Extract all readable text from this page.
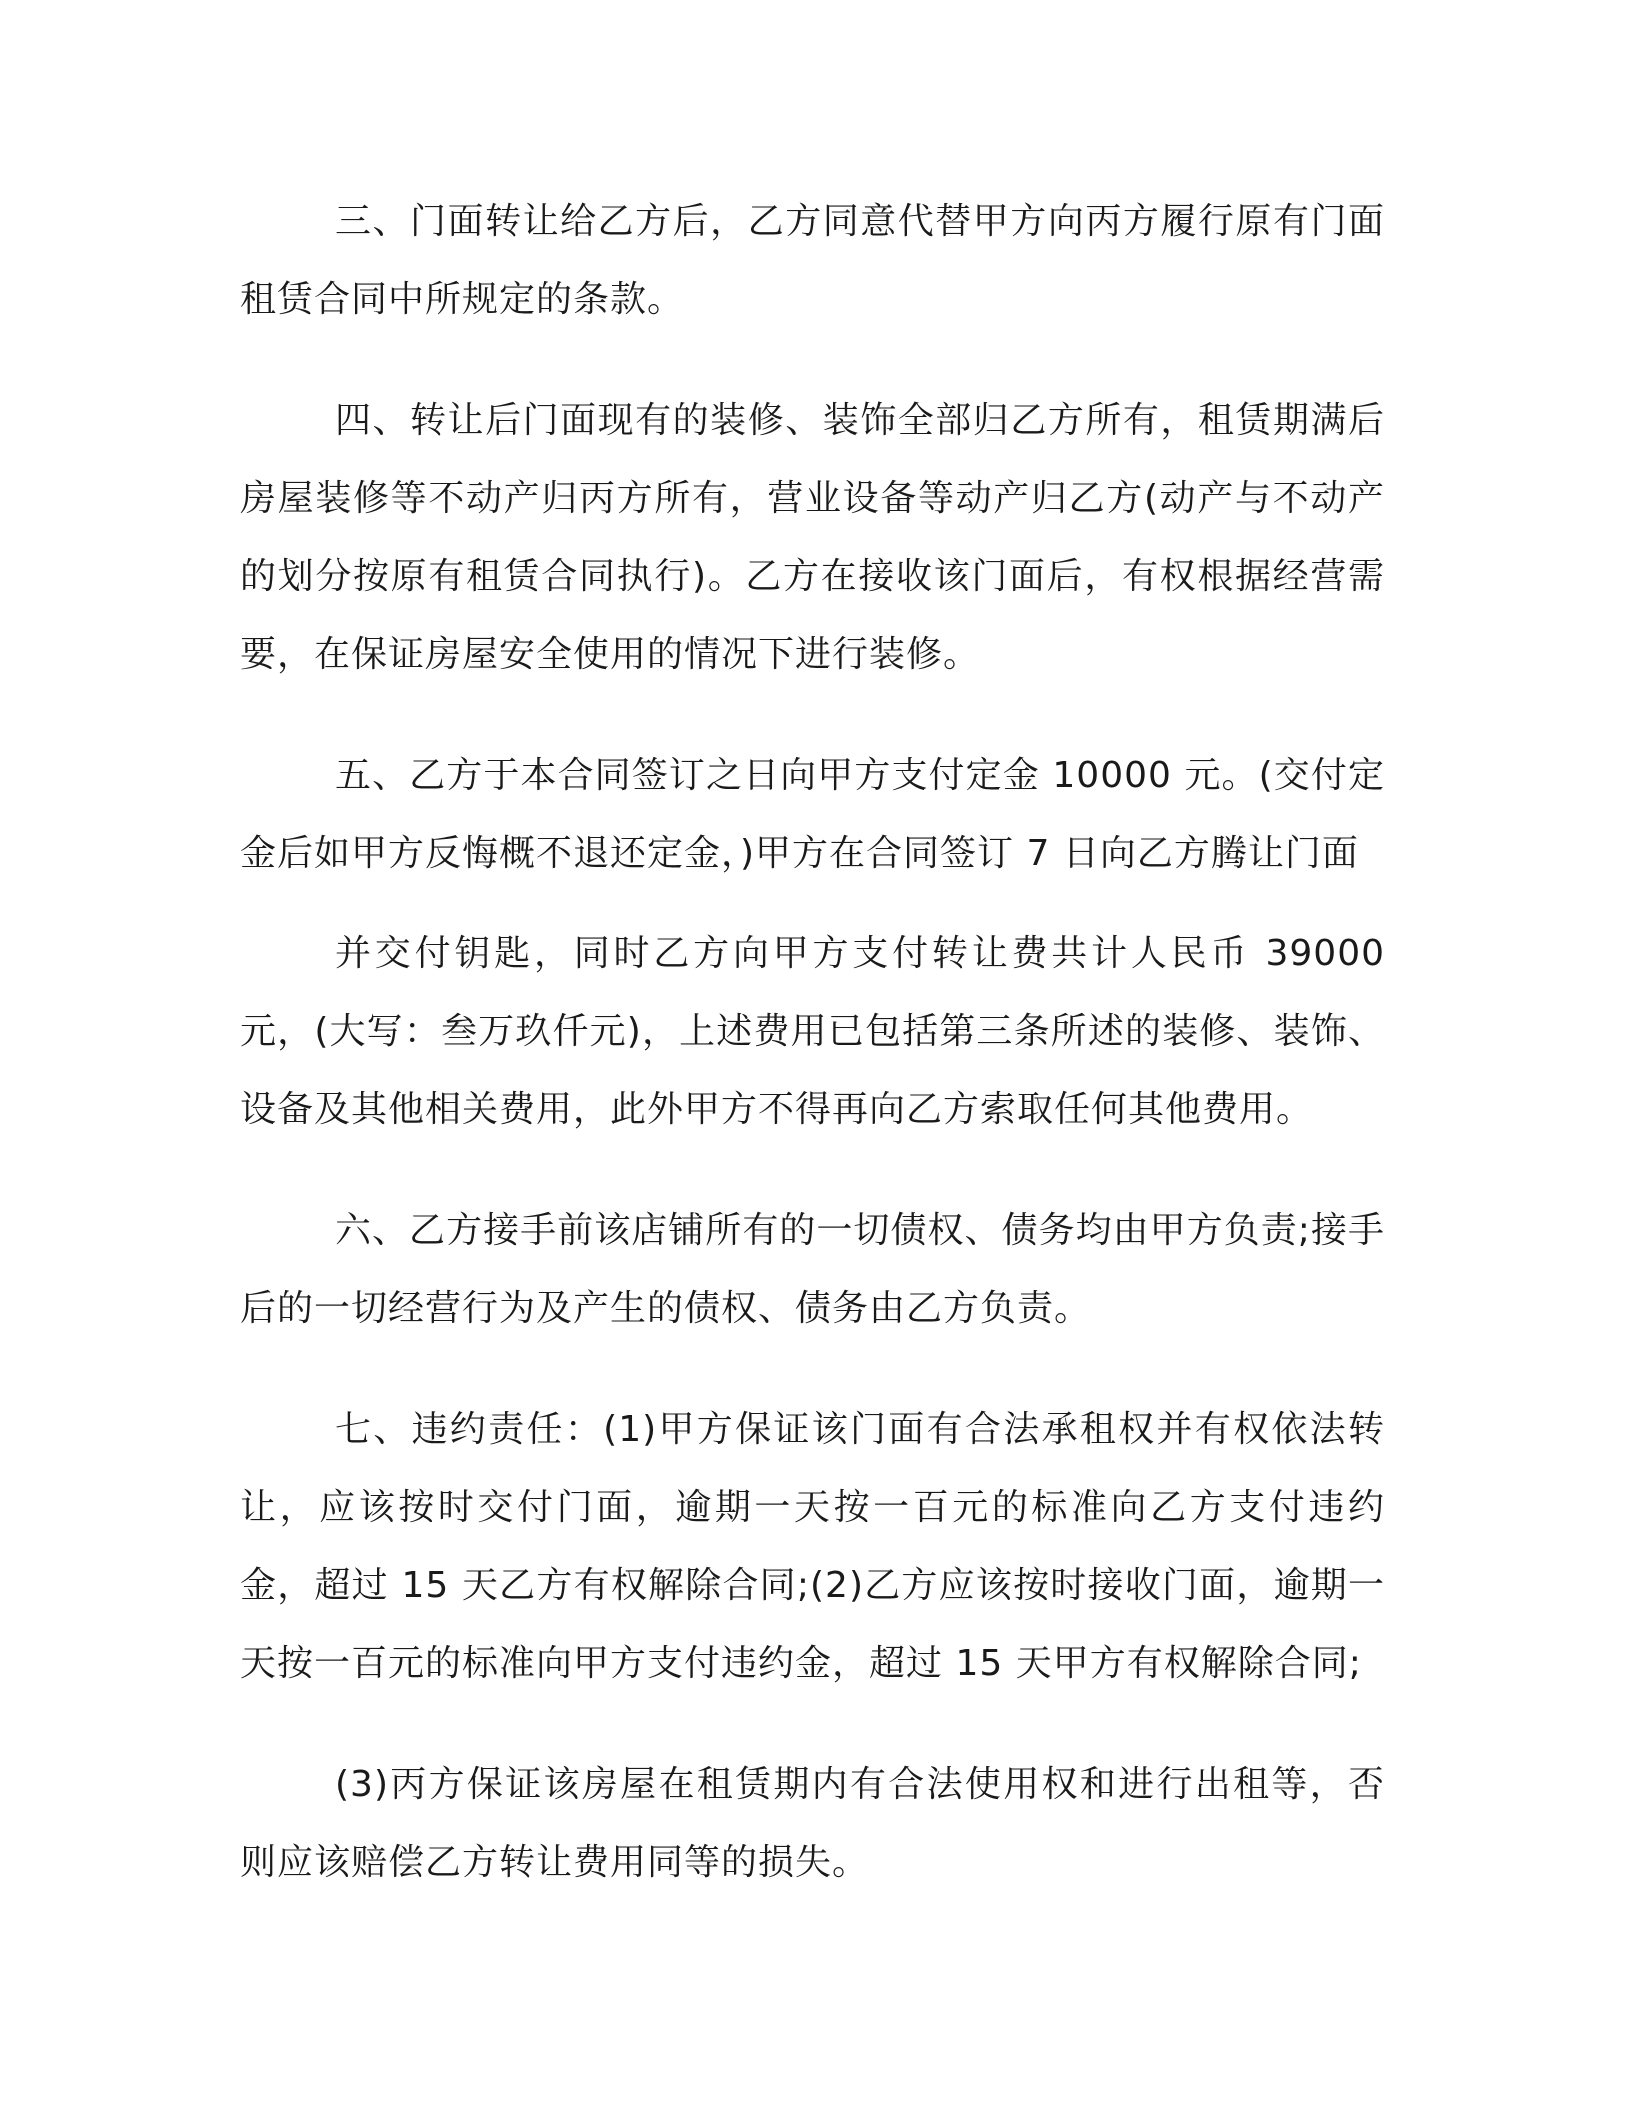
三、门面转让给乙方后，乙方同意代替甲方向丙方履行原有门面租赁合同中所规定的条款。

四、转让后门面现有的装修、装饰全部归乙方所有，租赁期满后房屋装修等不动产归丙方所有，营业设备等动产归乙方(动产与不动产的划分按原有租赁合同执行)。乙方在接收该门面后，有权根据经营需要，在保证房屋安全使用的情况下进行装修。

五、乙方于本合同签订之日向甲方支付定金 10000 元。(交付定金后如甲方反悔概不退还定金，)甲方在合同签订 7 日向乙方腾让门面

并交付钥匙，同时乙方向甲方支付转让费共计人民币 39000 元，(大写：叁万玖仟元)，上述费用已包括第三条所述的装修、装饰、设备及其他相关费用，此外甲方不得再向乙方索取任何其他费用。

六、乙方接手前该店铺所有的一切债权、债务均由甲方负责;接手后的一切经营行为及产生的债权、债务由乙方负责。

七、违约责任：(1)甲方保证该门面有合法承租权并有权依法转让，应该按时交付门面，逾期一天按一百元的标准向乙方支付违约金，超过 15 天乙方有权解除合同;(2)乙方应该按时接收门面，逾期一天按一百元的标准向甲方支付违约金，超过 15 天甲方有权解除合同;

(3)丙方保证该房屋在租赁期内有合法使用权和进行出租等，否则应该赔偿乙方转让费用同等的损失。
